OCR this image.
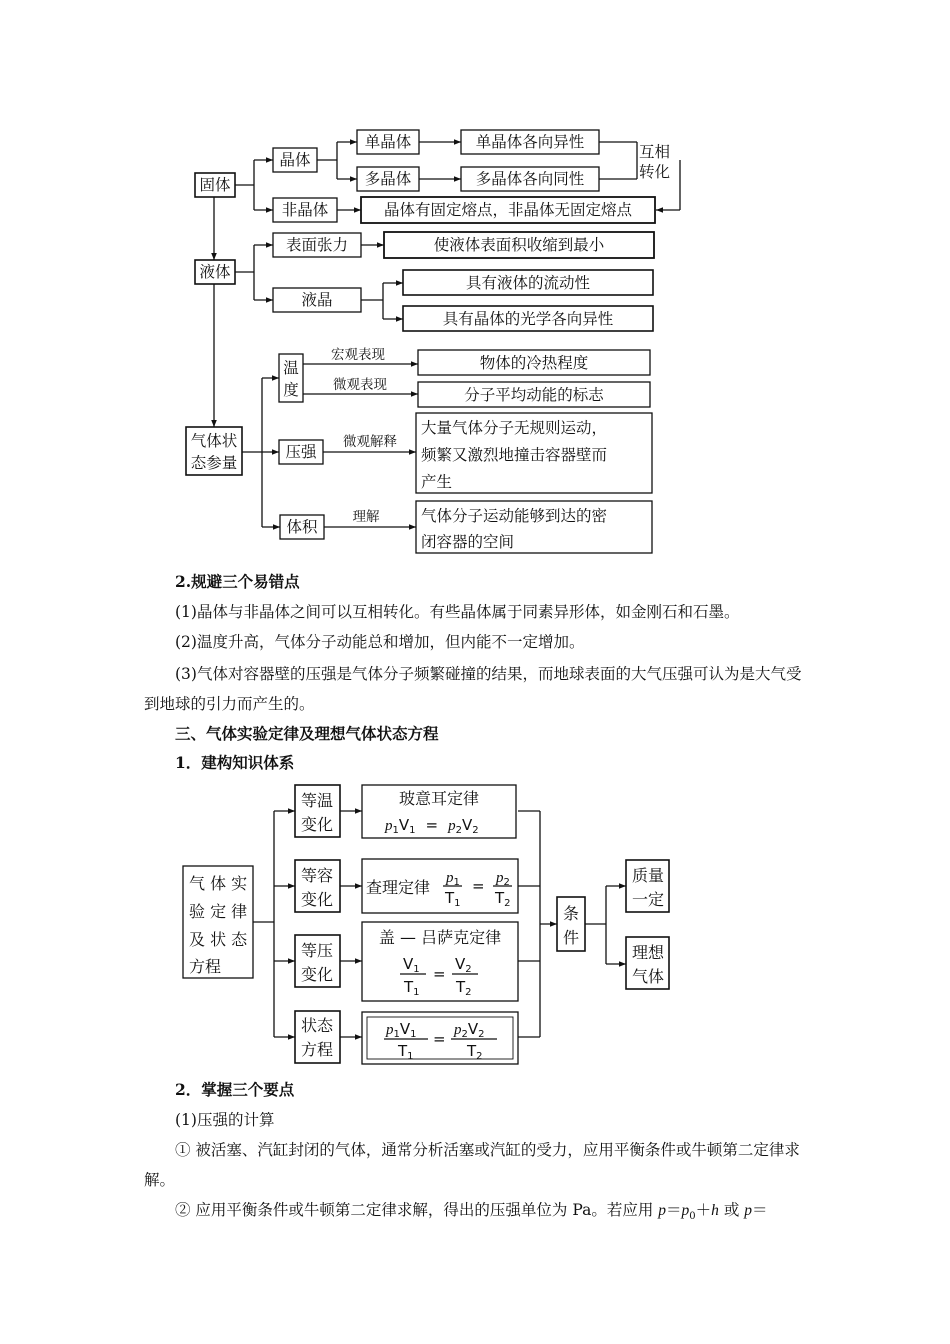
固体
晶体
非晶体
单晶体
多晶体
单晶体各向异性
多晶体各向同性
互相
转化
晶体有固定熔点，非晶体无固定熔点
液体
表面张力	使液体表面积收缩到最小
液晶
具有液体的流动性
具有晶体的光学各向异性
气体状
态参量
温
度
物体的冷热程度
分子平均动能的标志
压强
大量气体分子无规则运动，
频繁又激烈地撞击容器壁而
产生
体积
气体分子运动能够到达的密
闭容器的空间
宏观表现
微观表现
微观解释
理解

2.规避三个易错点

(1)晶体与非晶体之间可以互相转化。有些晶体属于同素异形体，如金刚石和石墨。

(2)温度升高，气体分子动能总和增加，但内能不一定增加。

(3)气体对容器壁的压强是气体分子频繁碰撞的结果，而地球表面的大气压强可认为是大气受到地球的引力而产生的。

三、气体实验定律及理想气体状态方程

1．建构知识体系

气 体 实
验 定 律
及 状 态
方程
等温
变化
等容
变化
等压
变化
状态
方程
玻意耳定律
查理定律
盖 — 吕萨克定律
条
件
质量
一定
理想
气体
$p_1V_1 = p_2V_2$
$p_1$
$T_1$
= $p_2$
$T_2$
$V_1$
$T_1$
=
$V_2$
$T_2$
$p_1V_1$
$T_1$
= $p_2V_2$
$T_2$

2．掌握三个要点

(1)压强的计算

① 被活塞、汽缸封闭的气体，通常分析活塞或汽缸的受力，应用平衡条件或牛顿第二定律求解。

② 应用平衡条件或牛顿第二定律求解，得出的压强单位为 Pa。若应用 $p=p_0+h$ 或 p＝
